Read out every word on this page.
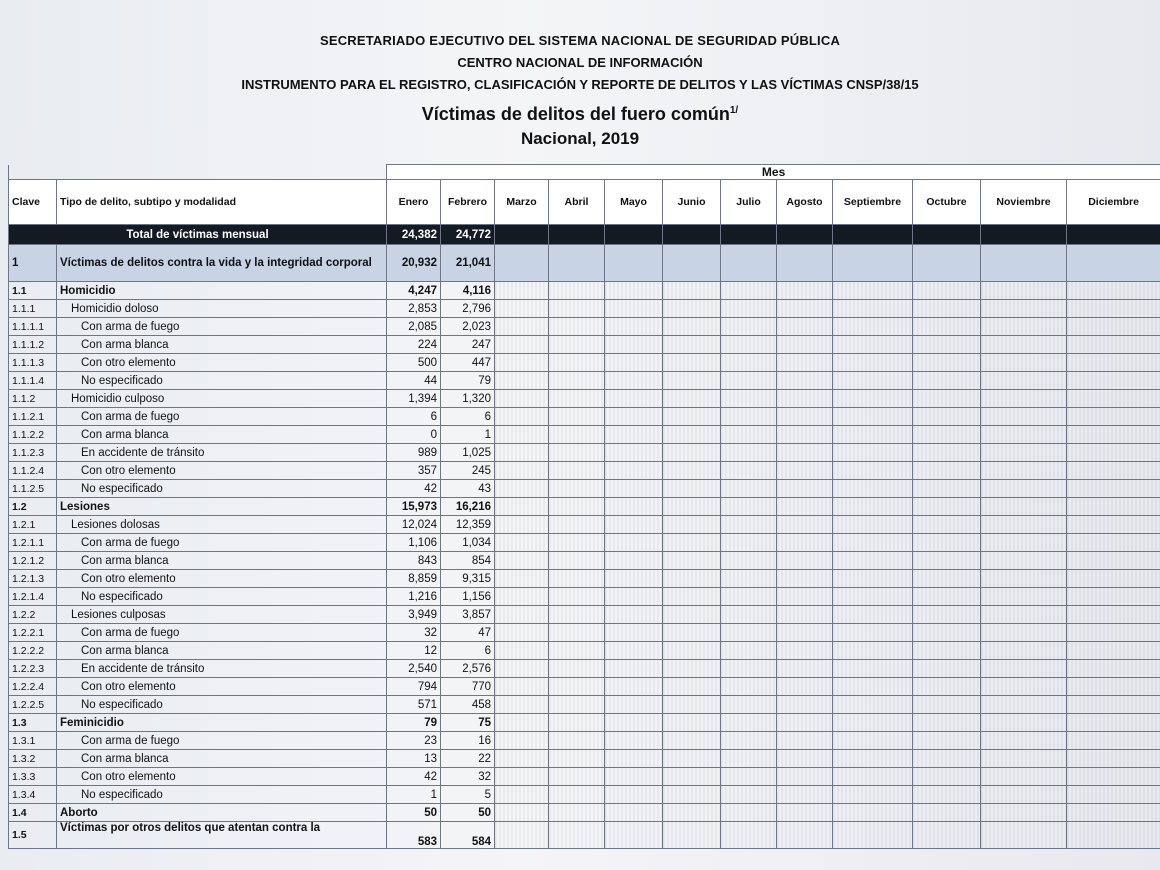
SECRETARIADO EJECUTIVO DEL SISTEMA NACIONAL DE SEGURIDAD PÚBLICA
CENTRO NACIONAL DE INFORMACIÓN
INSTRUMENTO PARA EL REGISTRO, CLASIFICACIÓN Y REPORTE DE DELITOS Y LAS VÍCTIMAS CNSP/38/15
Víctimas de delitos del fuero común$^{1/}$
Nacional, 2019
		Mes											
Clave	Tipo de delito, subtipo y modalidad	Enero	Febrero	Marzo	Abril	Mayo	Junio	Julio	Agosto	Septiembre	Octubre	Noviembre	Diciembre
Total de víctimas mensual		24,382	24,772										
1	Víctimas de delitos contra la vida y la integridad corporal	20,932	21,041										
1.1	Homicidio	4,247	4,116										
1.1.1	Homicidio doloso	2,853	2,796										
1.1.1.1	Con arma de fuego	2,085	2,023										
1.1.1.2	Con arma blanca	224	247										
1.1.1.3	Con otro elemento	500	447										
1.1.1.4	No especificado	44	79										
1.1.2	Homicidio culposo	1,394	1,320										
1.1.2.1	Con arma de fuego	6	6										
1.1.2.2	Con arma blanca	0	1										
1.1.2.3	En accidente de tránsito	989	1,025										
1.1.2.4	Con otro elemento	357	245										
1.1.2.5	No especificado	42	43										
1.2	Lesiones	15,973	16,216										
1.2.1	Lesiones dolosas	12,024	12,359										
1.2.1.1	Con arma de fuego	1,106	1,034										
1.2.1.2	Con arma blanca	843	854										
1.2.1.3	Con otro elemento	8,859	9,315										
1.2.1.4	No especificado	1,216	1,156										
1.2.2	Lesiones culposas	3,949	3,857										
1.2.2.1	Con arma de fuego	32	47										
1.2.2.2	Con arma blanca	12	6										
1.2.2.3	En accidente de tránsito	2,540	2,576										
1.2.2.4	Con otro elemento	794	770										
1.2.2.5	No especificado	571	458										
1.3	Feminicidio	79	75										
1.3.1	Con arma de fuego	23	16										
1.3.2	Con arma blanca	13	22										
1.3.3	Con otro elemento	42	32										
1.3.4	No especificado	1	5										
1.4	Aborto	50	50										
1.5	Víctimas por otros delitos que atentan contra la	583	584										
